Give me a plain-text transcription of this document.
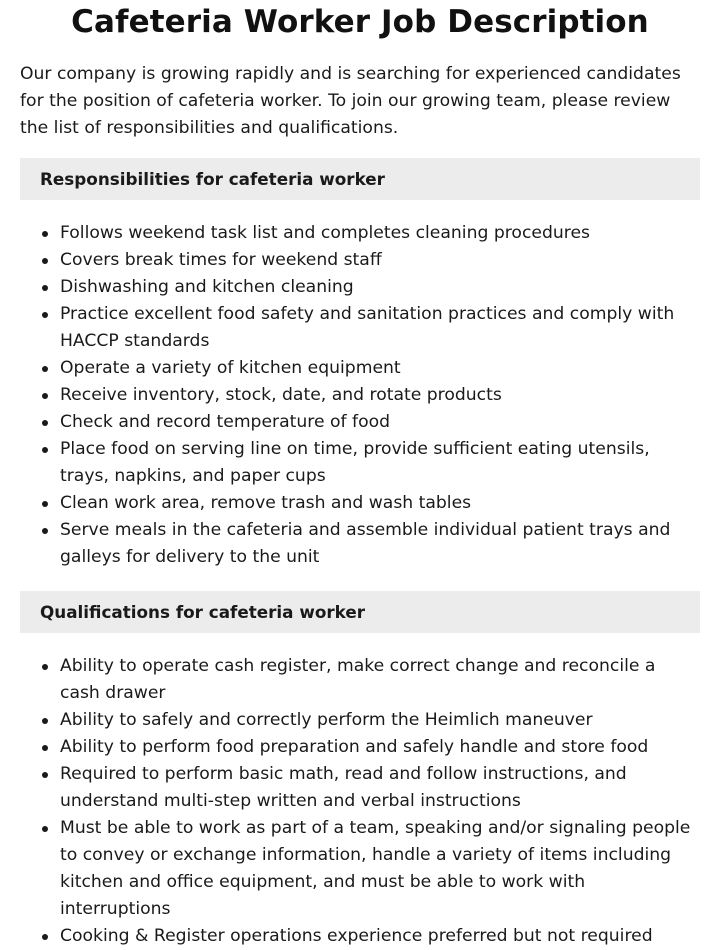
Cafeteria Worker Job Description

Our company is growing rapidly and is searching for experienced candidates for the position of cafeteria worker. To join our growing team, please review the list of responsibilities and qualifications.

Responsibilities for cafeteria worker
Follows weekend task list and completes cleaning procedures
Covers break times for weekend staff
Dishwashing and kitchen cleaning
Practice excellent food safety and sanitation practices and comply with HACCP standards
Operate a variety of kitchen equipment
Receive inventory, stock, date, and rotate products
Check and record temperature of food
Place food on serving line on time, provide sufficient eating utensils, trays, napkins, and paper cups
Clean work area, remove trash and wash tables
Serve meals in the cafeteria and assemble individual patient trays and galleys for delivery to the unit
Qualifications for cafeteria worker
Ability to operate cash register, make correct change and reconcile a cash drawer
Ability to safely and correctly perform the Heimlich maneuver
Ability to perform food preparation and safely handle and store food
Required to perform basic math, read and follow instructions, and understand multi-step written and verbal instructions
Must be able to work as part of a team, speaking and/or signaling people to convey or exchange information, handle a variety of items including kitchen and office equipment, and must be able to work with interruptions
Cooking & Register operations experience preferred but not required
